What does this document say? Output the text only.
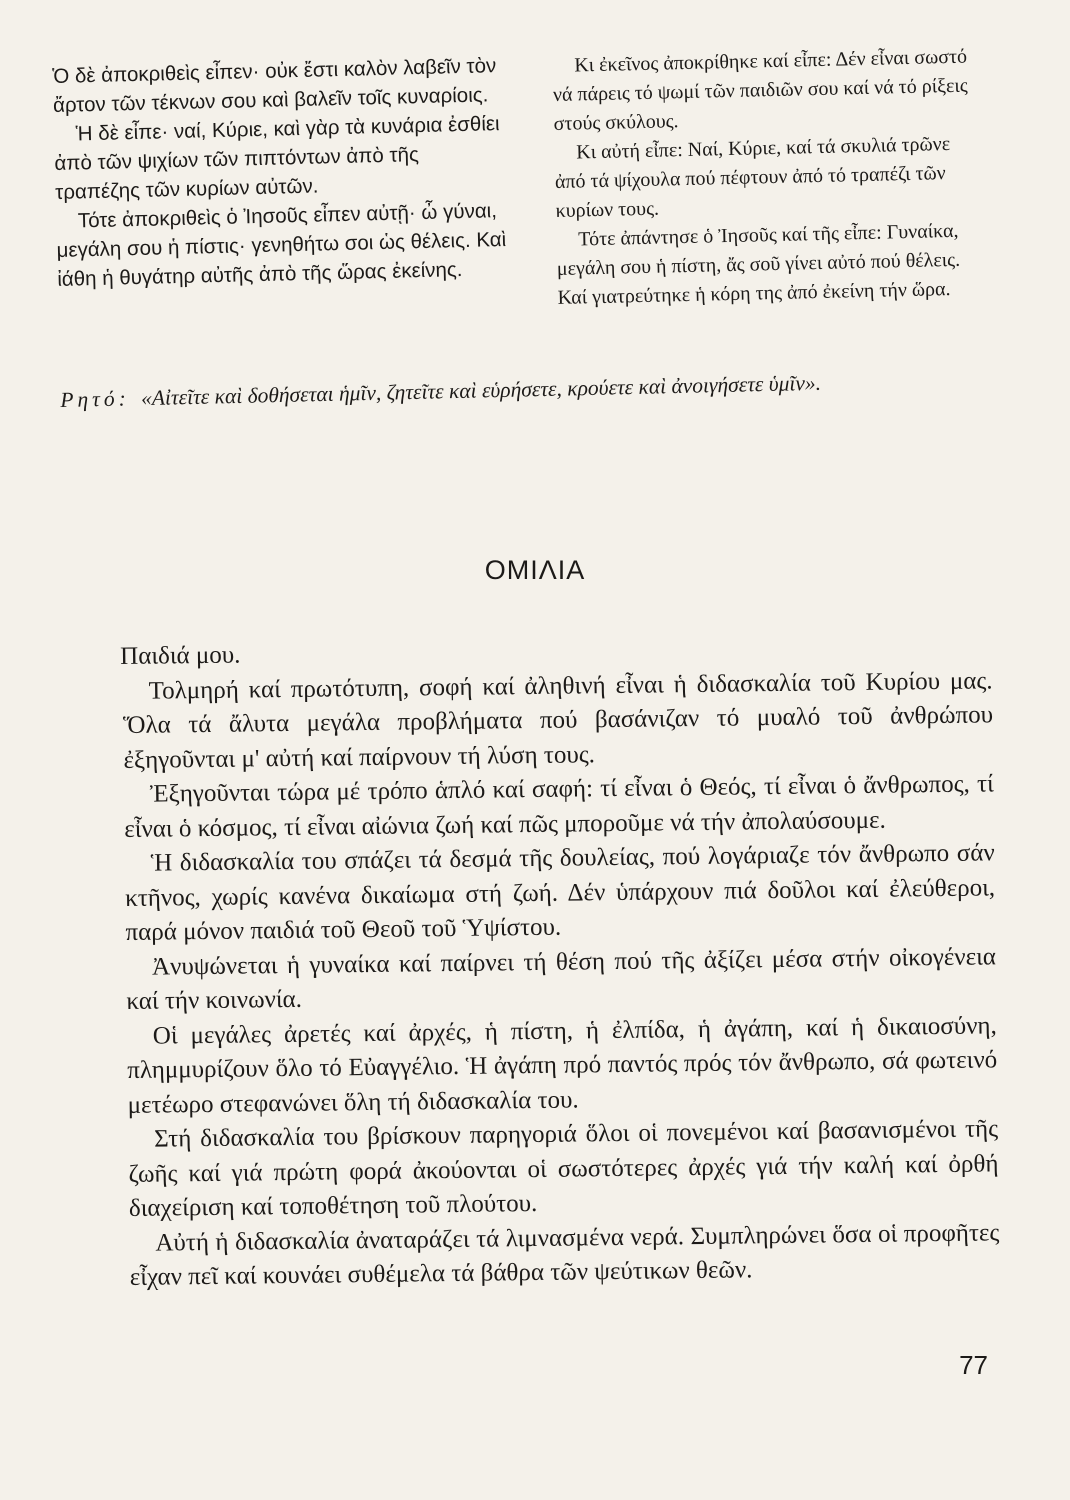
Ὁ δὲ ἀποκριθεὶς εἶπεν· οὐκ ἔστι καλὸν λαβεῖν τὸν ἄρτον τῶν τέκνων σου καὶ βαλεῖν τοῖς κυναρίοις.

Ἡ δὲ εἶπε· ναί, Κύριε, καὶ γὰρ τὰ κυνάρια ἐσθίει ἀπὸ τῶν ψιχίων τῶν πιπτόντων ἀπὸ τῆς τραπέζης τῶν κυρίων αὐτῶν.

Τότε ἀποκριθεὶς ὁ Ἰησοῦς εἶπεν αὐτῇ· ὦ γύναι, μεγάλη σου ἡ πίστις· γενηθήτω σοι ὡς θέλεις. Καὶ ἰάθη ἡ θυγάτηρ αὐτῆς ἀπὸ τῆς ὥρας ἐκείνης.

Κι ἐκεῖνος ἀποκρίθηκε καί εἶπε: Δέν εἶναι σωστό νά πάρεις τό ψωμί τῶν παιδιῶν σου καί νά τό ρίξεις στούς σκύλους.

Κι αὐτή εἶπε: Ναί, Κύριε, καί τά σκυλιά τρῶνε ἀπό τά ψίχουλα πού πέφτουν ἀπό τό τραπέζι τῶν κυρίων τους.

Τότε ἀπάντησε ὁ Ἰησοῦς καί τῆς εἶπε: Γυναίκα, μεγάλη σου ἡ πίστη, ἄς σοῦ γίνει αὐτό πού θέλεις. Καί γιατρεύτηκε ἡ κόρη της ἀπό ἐκείνη τήν ὥρα.

Ρητό: «Αἰτεῖτε καὶ δοθήσεται ἡμῖν, ζητεῖτε καὶ εὑρήσετε, κρούετε καὶ ἀνοιγήσετε ὑμῖν».
ΟΜΙΛΙΑ

Παιδιά μου.

Τολμηρή καί πρωτότυπη, σοφή καί ἀληθινή εἶναι ἡ διδασκαλία τοῦ Κυρίου μας. Ὅλα τά ἄλυτα μεγάλα προβλήματα πού βασάνιζαν τό μυαλό τοῦ ἀνθρώπου ἐξηγοῦνται μ' αὐτή καί παίρνουν τή λύση τους.

Ἐξηγοῦνται τώρα μέ τρόπο ἁπλό καί σαφή: τί εἶναι ὁ Θεός, τί εἶναι ὁ ἄνθρωπος, τί εἶναι ὁ κόσμος, τί εἶναι αἰώνια ζωή καί πῶς μποροῦμε νά τήν ἀπολαύσουμε.

Ἡ διδασκαλία του σπάζει τά δεσμά τῆς δουλείας, πού λογάριαζε τόν ἄνθρωπο σάν κτῆνος, χωρίς κανένα δικαίωμα στή ζωή. Δέν ὑπάρχουν πιά δοῦλοι καί ἐλεύθεροι, παρά μόνον παιδιά τοῦ Θεοῦ τοῦ Ὑψίστου.

Ἀνυψώνεται ἡ γυναίκα καί παίρνει τή θέση πού τῆς ἀξίζει μέσα στήν οἰκογένεια καί τήν κοινωνία.

Οἱ μεγάλες ἀρετές καί ἀρχές, ἡ πίστη, ἡ ἐλπίδα, ἡ ἀγάπη, καί ἡ δικαιοσύνη, πλημμυρίζουν ὅλο τό Εὐαγγέλιο. Ἡ ἀγάπη πρό παντός πρός τόν ἄνθρωπο, σά φωτεινό μετέωρο στεφανώνει ὅλη τή διδασκαλία του.

Στή διδασκαλία του βρίσκουν παρηγοριά ὅλοι οἱ πονεμένοι καί βασανισμένοι τῆς ζωῆς καί γιά πρώτη φορά ἀκούονται οἱ σωστότερες ἀρχές γιά τήν καλή καί ὀρθή διαχείριση καί τοποθέτηση τοῦ πλούτου.

Αὐτή ἡ διδασκαλία ἀναταράζει τά λιμνασμένα νερά. Συμπληρώνει ὅσα οἱ προφῆτες εἶχαν πεῖ καί κουνάει συθέμελα τά βάθρα τῶν ψεύτικων θεῶν.

77
